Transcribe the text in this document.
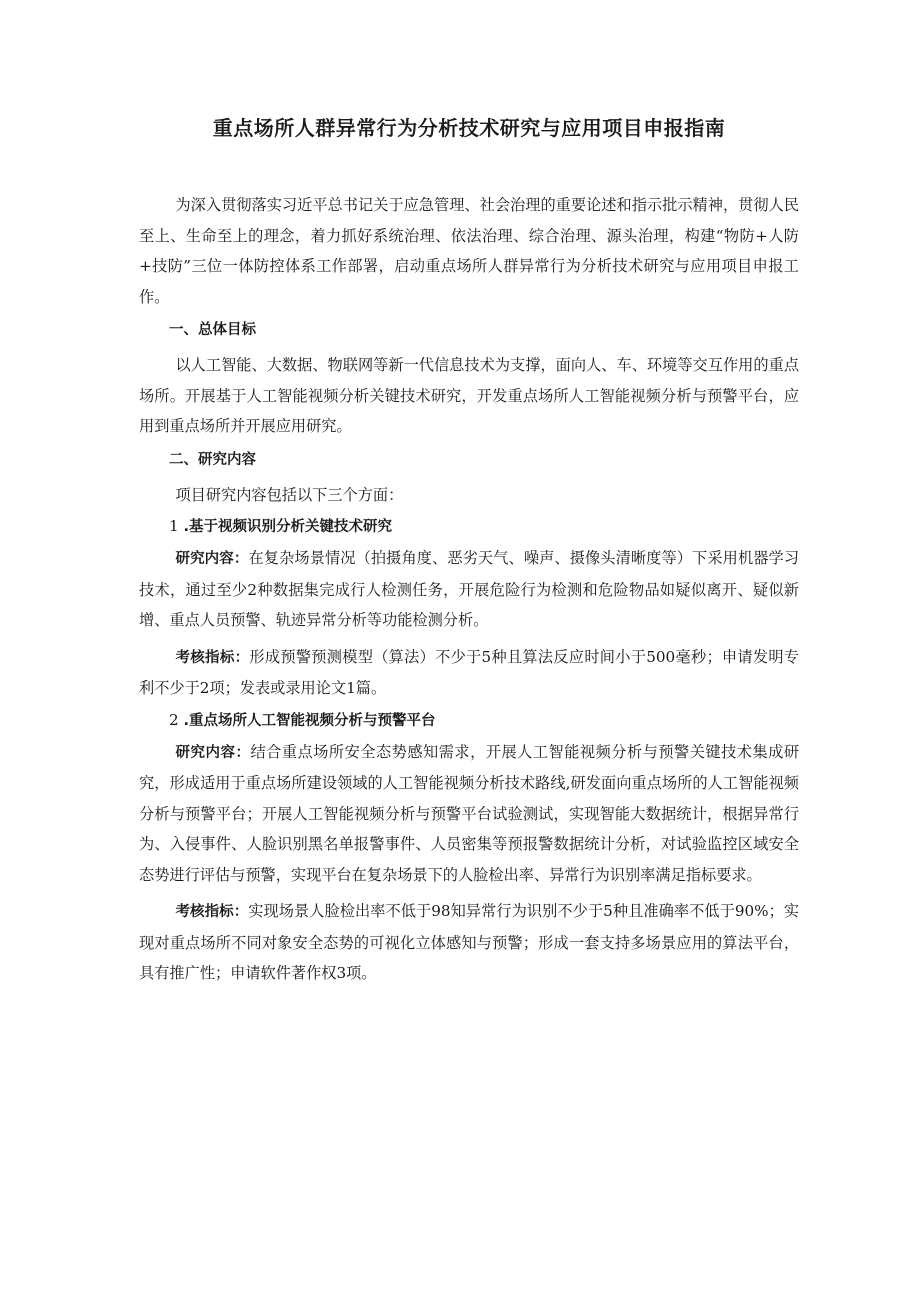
重点场所人群异常行为分析技术研究与应用项目申报指南

为深入贯彻落实习近平总书记关于应急管理、社会治理的重要论述和指示批示精神，贯彻人民至上、生命至上的理念，着力抓好系统治理、依法治理、综合治理、源头治理，构建“物防+人防+技防”三位一体防控体系工作部署，启动重点场所人群异常行为分析技术研究与应用项目申报工作。

一、总体目标

以人工智能、大数据、物联网等新一代信息技术为支撑，面向人、车、环境等交互作用的重点场所。开展基于人工智能视频分析关键技术研究，开发重点场所人工智能视频分析与预警平台，应用到重点场所并开展应用研究。

二、研究内容

项目研究内容包括以下三个方面：

1 .基于视频识别分析关键技术研究

研究内容：在复杂场景情况（拍摄角度、恶劣天气、噪声、摄像头清晰度等）下采用机器学习技术，通过至少2种数据集完成行人检测任务，开展危险行为检测和危险物品如疑似离开、疑似新增、重点人员预警、轨迹异常分析等功能检测分析。

考核指标：形成预警预测模型（算法）不少于5种且算法反应时间小于500毫秒；申请发明专利不少于2项；发表或录用论文1篇。

2 .重点场所人工智能视频分析与预警平台

研究内容：结合重点场所安全态势感知需求，开展人工智能视频分析与预警关键技术集成研究，形成适用于重点场所建设领域的人工智能视频分析技术路线,研发面向重点场所的人工智能视频分析与预警平台；开展人工智能视频分析与预警平台试验测试，实现智能大数据统计，根据异常行为、入侵事件、人脸识别黑名单报警事件、人员密集等预报警数据统计分析，对试验监控区域安全态势进行评估与预警，实现平台在复杂场景下的人脸检出率、异常行为识别率满足指标要求。

考核指标：实现场景人脸检出率不低于98知异常行为识别不少于5种且准确率不低于90%；实现对重点场所不同对象安全态势的可视化立体感知与预警；形成一套支持多场景应用的算法平台，具有推广性；申请软件著作权3项。
